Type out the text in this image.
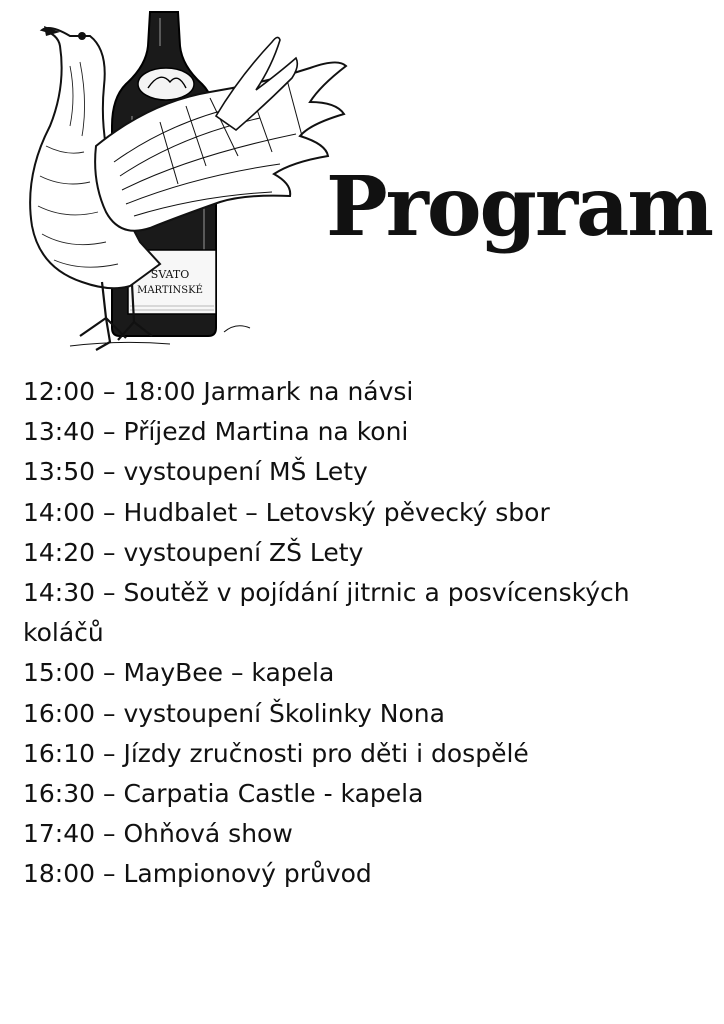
SVATO
MARTINSKÉ
Program
12:00 – 18:00 Jarmark na návsi
13:40 – Příjezd Martina na koni
13:50 – vystoupení MŠ Lety
14:00 – Hudbalet – Letovský pěvecký sbor
14:20 – vystoupení ZŠ Lety
14:30 – Soutěž v pojídání jitrnic a posvícenských koláčů
15:00 – MayBee – kapela
16:00 – vystoupení Školinky Nona
16:10 – Jízdy zručnosti pro děti i dospělé
16:30 – Carpatia Castle - kapela
17:40 – Ohňová show
18:00 – Lampionový průvod
